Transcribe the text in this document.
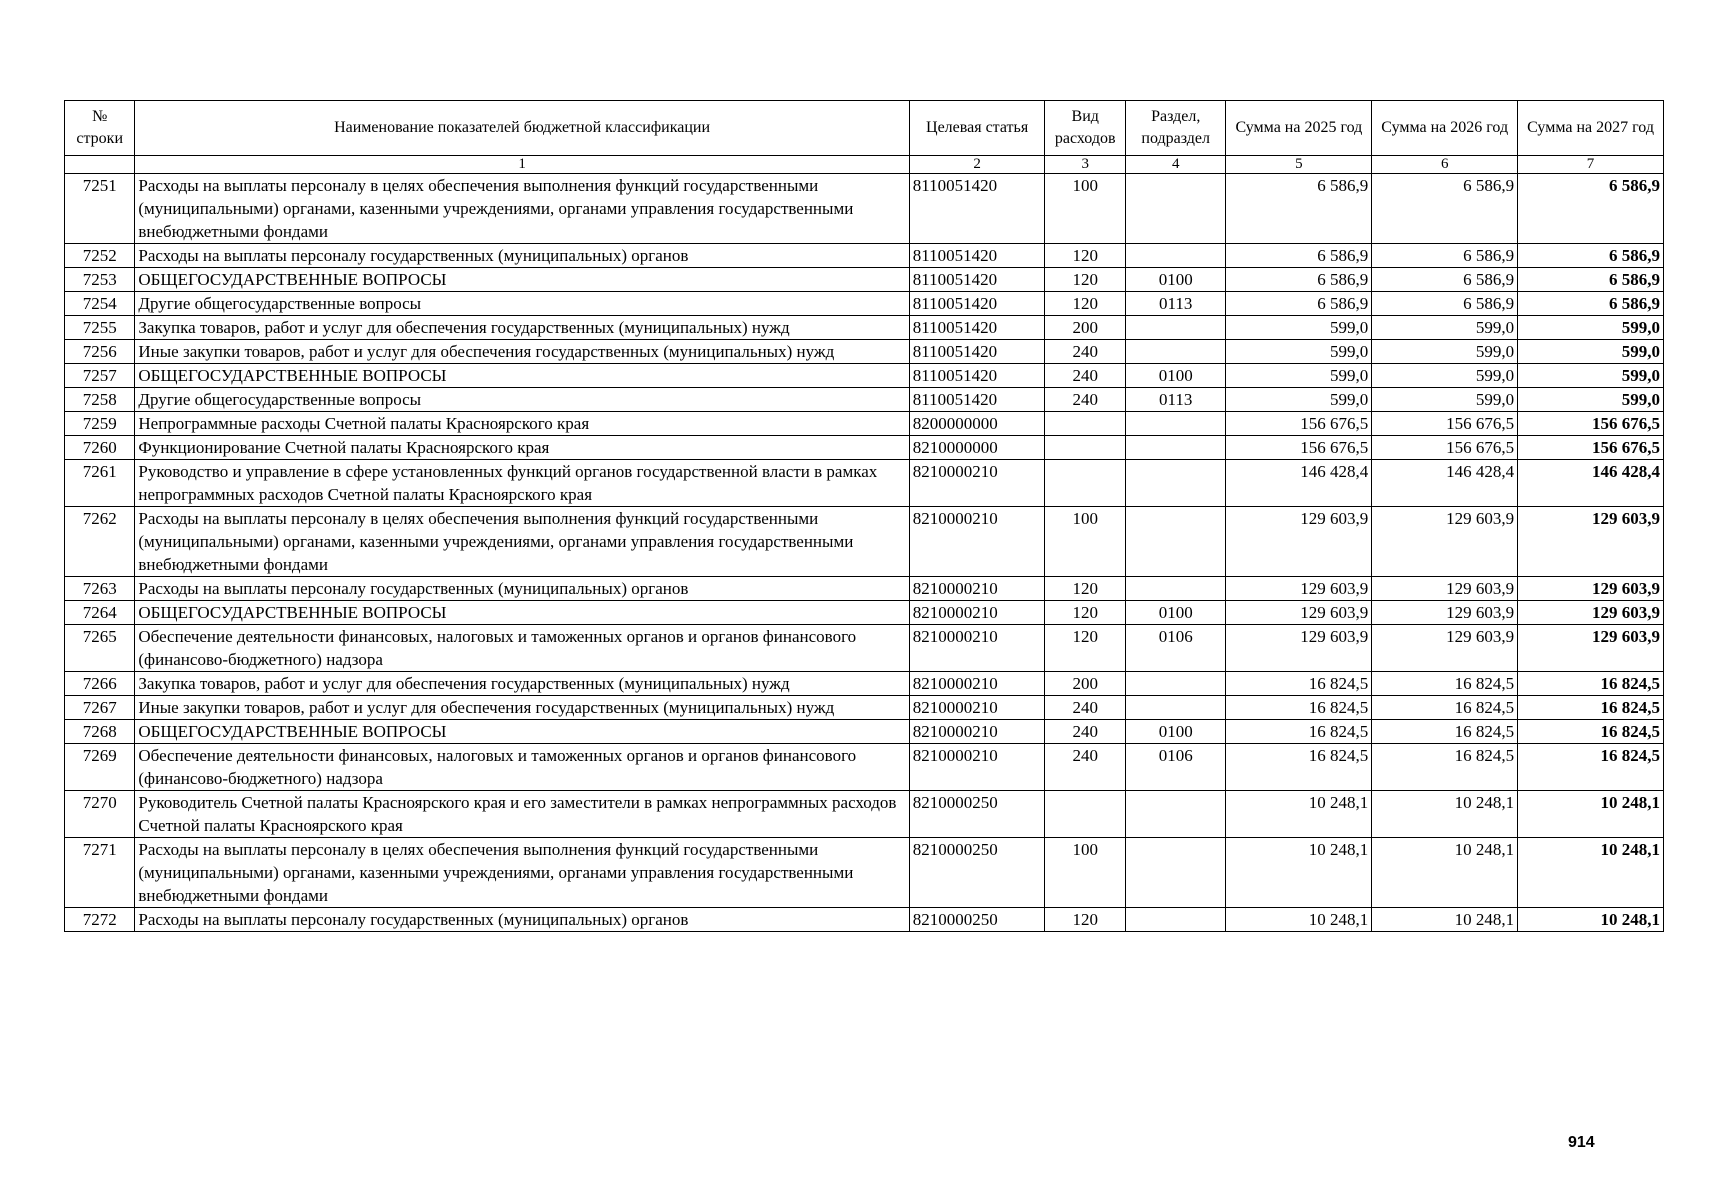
№ строки	Наименование показателей бюджетной классификации	Целевая статья	Вид расходов	Раздел, подраздел	Сумма на 2025 год	Сумма на 2026 год	Сумма на 2027 год
	1	2	3	4	5	6	7
7251	Расходы на выплаты персоналу в целях обеспечения выполнения функций государственными (муниципальными) органами, казенными учреждениями, органами управления государственными внебюджетными фондами	8110051420	100		6 586,9	6 586,9	6 586,9
7252	Расходы на выплаты персоналу государственных (муниципальных) органов	8110051420	120		6 586,9	6 586,9	6 586,9
7253	ОБЩЕГОСУДАРСТВЕННЫЕ ВОПРОСЫ	8110051420	120	0100	6 586,9	6 586,9	6 586,9
7254	Другие общегосударственные вопросы	8110051420	120	0113	6 586,9	6 586,9	6 586,9
7255	Закупка товаров, работ и услуг для обеспечения государственных (муниципальных) нужд	8110051420	200		599,0	599,0	599,0
7256	Иные закупки товаров, работ и услуг для обеспечения государственных (муниципальных) нужд	8110051420	240		599,0	599,0	599,0
7257	ОБЩЕГОСУДАРСТВЕННЫЕ ВОПРОСЫ	8110051420	240	0100	599,0	599,0	599,0
7258	Другие общегосударственные вопросы	8110051420	240	0113	599,0	599,0	599,0
7259	Непрограммные расходы Счетной палаты Красноярского края	8200000000			156 676,5	156 676,5	156 676,5
7260	Функционирование Счетной палаты Красноярского края	8210000000			156 676,5	156 676,5	156 676,5
7261	Руководство и управление в сфере установленных функций органов государственной власти в рамках непрограммных расходов Счетной палаты Красноярского края	8210000210			146 428,4	146 428,4	146 428,4
7262	Расходы на выплаты персоналу в целях обеспечения выполнения функций государственными (муниципальными) органами, казенными учреждениями, органами управления государственными внебюджетными фондами	8210000210	100		129 603,9	129 603,9	129 603,9
7263	Расходы на выплаты персоналу государственных (муниципальных) органов	8210000210	120		129 603,9	129 603,9	129 603,9
7264	ОБЩЕГОСУДАРСТВЕННЫЕ ВОПРОСЫ	8210000210	120	0100	129 603,9	129 603,9	129 603,9
7265	Обеспечение деятельности финансовых, налоговых и таможенных органов и органов финансового (финансово-бюджетного) надзора	8210000210	120	0106	129 603,9	129 603,9	129 603,9
7266	Закупка товаров, работ и услуг для обеспечения государственных (муниципальных) нужд	8210000210	200		16 824,5	16 824,5	16 824,5
7267	Иные закупки товаров, работ и услуг для обеспечения государственных (муниципальных) нужд	8210000210	240		16 824,5	16 824,5	16 824,5
7268	ОБЩЕГОСУДАРСТВЕННЫЕ ВОПРОСЫ	8210000210	240	0100	16 824,5	16 824,5	16 824,5
7269	Обеспечение деятельности финансовых, налоговых и таможенных органов и органов финансового (финансово-бюджетного) надзора	8210000210	240	0106	16 824,5	16 824,5	16 824,5
7270	Руководитель Счетной палаты Красноярского края и его заместители в рамках непрограммных расходов Счетной палаты Красноярского края	8210000250			10 248,1	10 248,1	10 248,1
7271	Расходы на выплаты персоналу в целях обеспечения выполнения функций государственными (муниципальными) органами, казенными учреждениями, органами управления государственными внебюджетными фондами	8210000250	100		10 248,1	10 248,1	10 248,1
7272	Расходы на выплаты персоналу государственных (муниципальных) органов	8210000250	120		10 248,1	10 248,1	10 248,1
914
